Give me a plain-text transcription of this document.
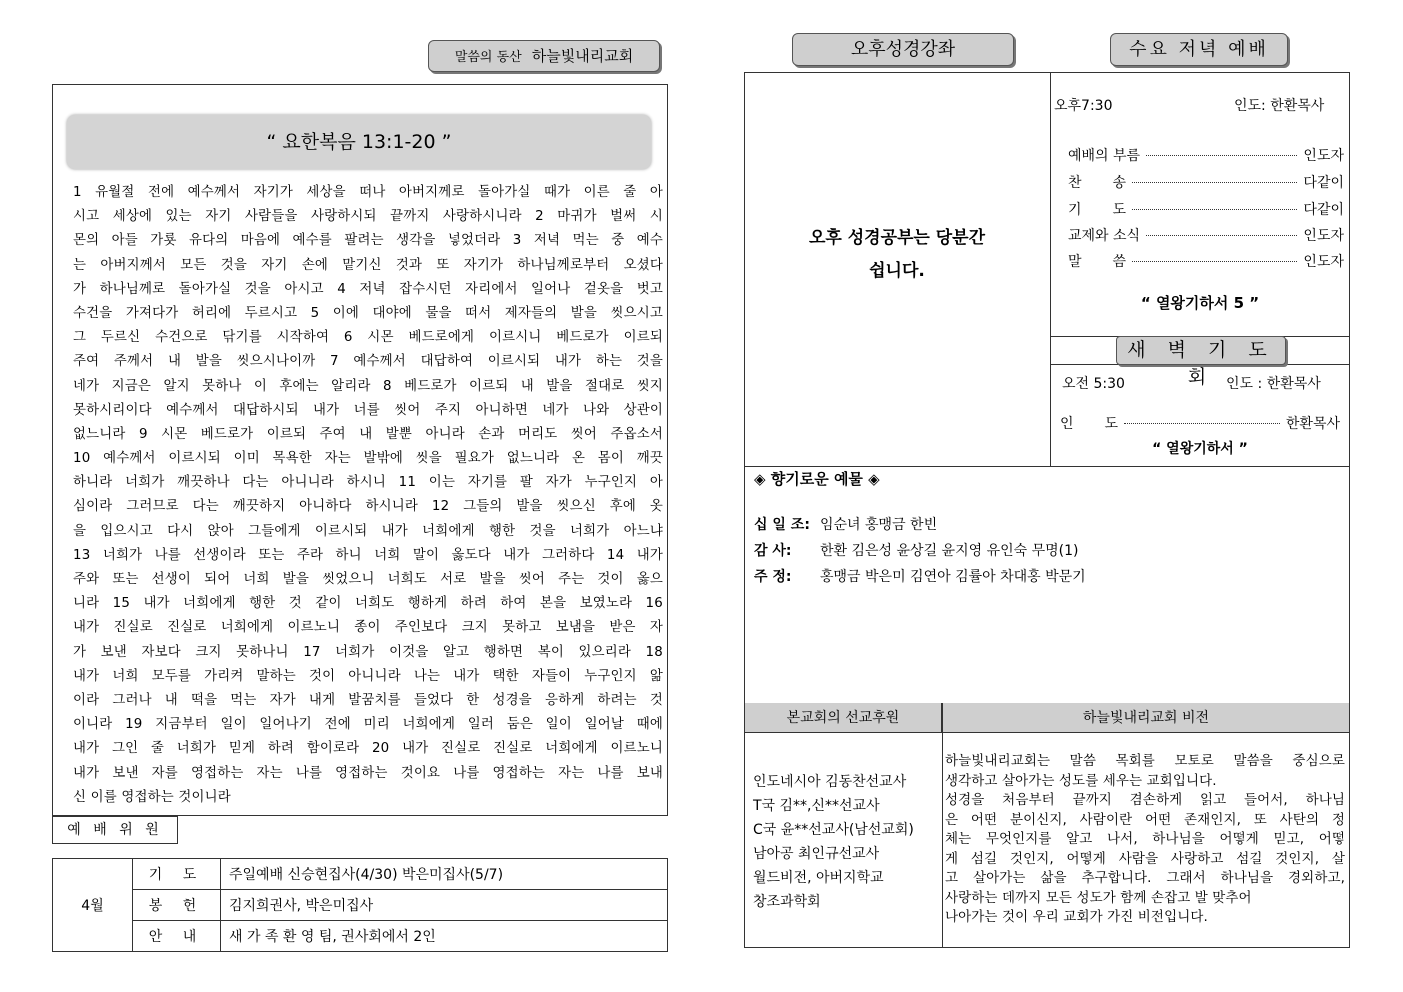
말씀의 동산 하늘빛내리교회
“ 요한복음 13:1-20 ”
1 유월절 전에 예수께서 자기가 세상을 떠나 아버지께로 돌아가실 때가 이른 줄 아
시고 세상에 있는 자기 사람들을 사랑하시되 끝까지 사랑하시니라 2 마귀가 벌써 시
몬의 아들 가룟 유다의 마음에 예수를 팔려는 생각을 넣었더라 3 저녁 먹는 중 예수
는 아버지께서 모든 것을 자기 손에 맡기신 것과 또 자기가 하나님께로부터 오셨다
가 하나님께로 돌아가실 것을 아시고 4 저녁 잡수시던 자리에서 일어나 겉옷을 벗고
수건을 가져다가 허리에 두르시고 5 이에 대야에 물을 떠서 제자들의 발을 씻으시고
그 두르신 수건으로 닦기를 시작하여 6 시몬 베드로에게 이르시니 베드로가 이르되
주여 주께서 내 발을 씻으시나이까 7 예수께서 대답하여 이르시되 내가 하는 것을
네가 지금은 알지 못하나 이 후에는 알리라 8 베드로가 이르되 내 발을 절대로 씻지
못하시리이다 예수께서 대답하시되 내가 너를 씻어 주지 아니하면 네가 나와 상관이
없느니라 9 시몬 베드로가 이르되 주여 내 발뿐 아니라 손과 머리도 씻어 주옵소서
10 예수께서 이르시되 이미 목욕한 자는 발밖에 씻을 필요가 없느니라 온 몸이 깨끗
하니라 너희가 깨끗하나 다는 아니니라 하시니 11 이는 자기를 팔 자가 누구인지 아
심이라 그러므로 다는 깨끗하지 아니하다 하시니라 12 그들의 발을 씻으신 후에 옷
을 입으시고 다시 앉아 그들에게 이르시되 내가 너희에게 행한 것을 너희가 아느냐
13 너희가 나를 선생이라 또는 주라 하니 너희 말이 옳도다 내가 그러하다 14 내가
주와 또는 선생이 되어 너희 발을 씻었으니 너희도 서로 발을 씻어 주는 것이 옳으
니라 15 내가 너희에게 행한 것 같이 너희도 행하게 하려 하여 본을 보였노라 16
내가 진실로 진실로 너희에게 이르노니 종이 주인보다 크지 못하고 보냄을 받은 자
가 보낸 자보다 크지 못하나니 17 너희가 이것을 알고 행하면 복이 있으리라 18
내가 너희 모두를 가리켜 말하는 것이 아니니라 나는 내가 택한 자들이 누구인지 앎
이라 그러나 내 떡을 먹는 자가 내게 발꿈치를 들었다 한 성경을 응하게 하려는 것
이니라 19 지금부터 일이 일어나기 전에 미리 너희에게 일러 둠은 일이 일어날 때에
내가 그인 줄 너희가 믿게 하려 함이로라 20 내가 진실로 진실로 너희에게 이르노니
내가 보낸 자를 영접하는 자는 나를 영접하는 것이요 나를 영접하는 자는 나를 보내
신 이를 영접하는 것이니라
예 배 위 원
4월	기 도	주일예배 신승현집사(4/30) 박은미집사(5/7)
	봉 헌	김지희권사, 박은미집사
	안 내	새 가 족 환 영 팀, 권사회에서 2인
오후성경강좌	수요 저녁 예배
오후 성경공부는 당분간
쉽니다.
오후7:30	인도: 한환목사
예배의 부름	인도자
찬 송	다같이
기 도	다같이
교제와 소식	인도자
말 씀	인도자
“ 열왕기하서 5 ”
새 벽 기 도 회
오전 5:30	인도 : 한환목사
인 도	한환목사
“ 열왕기하서 ”
◈ 향기로운 예물 ◈
십 일 조: 임순녀 홍맹금 한빈
감 사: 한환 김은성 윤상길 윤지영 유인숙 무명(1)
주 정: 홍맹금 박은미 김연아 김률아 차대홍 박문기
본교회의 선교후원	하늘빛내리교회 비전
인도네시아 김동찬선교사
T국 김**,신**선교사
C국 윤**선교사(남선교회)
남아공 최인규선교사
월드비전, 아버지학교
창조과학회
하늘빛내리교회는 말씀 목회를 모토로 말씀을 중심으로
생각하고 살아가는 성도를 세우는 교회입니다.
성경을 처음부터 끝까지 겸손하게 읽고 들어서, 하나님
은 어떤 분이신지, 사람이란 어떤 존재인지, 또 사탄의 정
체는 무엇인지를 알고 나서, 하나님을 어떻게 믿고, 어떻
게 섬길 것인지, 어떻게 사람을 사랑하고 섬길 것인지, 살
고 살아가는 삶을 추구합니다. 그래서 하나님을 경외하고,
사랑하는 데까지 모든 성도가 함께 손잡고 발 맞추어
나아가는 것이 우리 교회가 가진 비전입니다.
